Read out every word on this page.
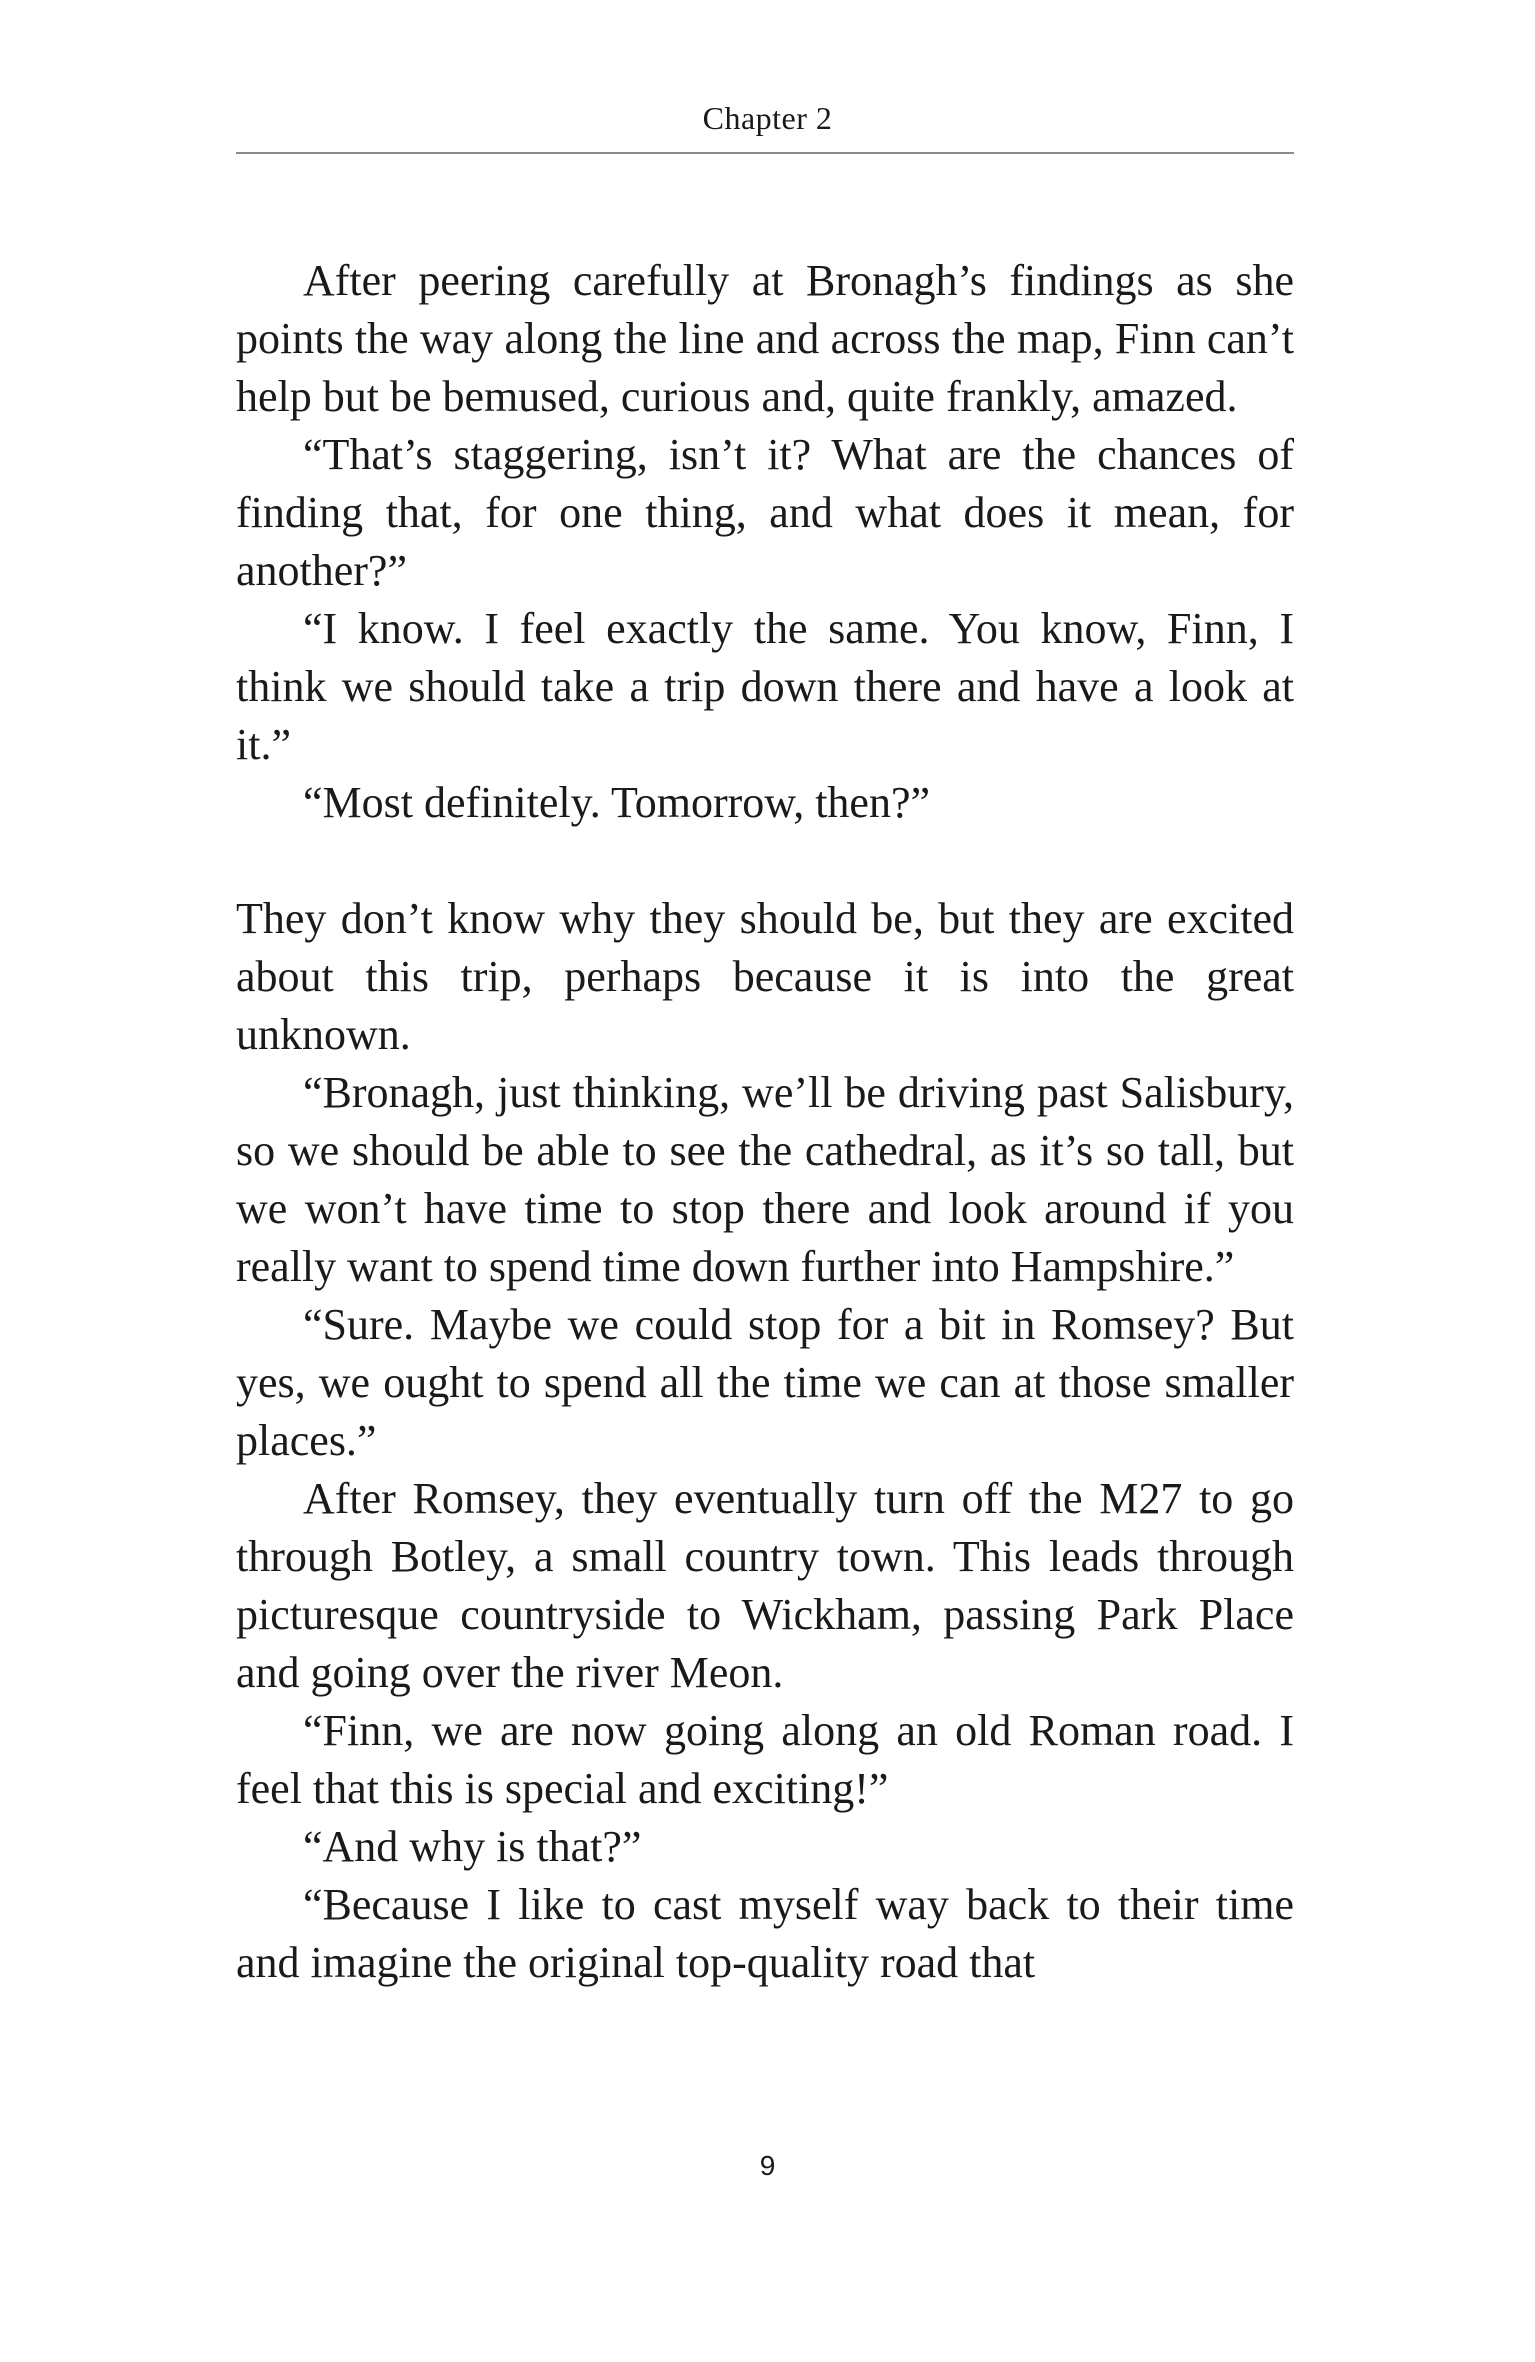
Chapter 2

After peering carefully at Bronagh’s findings as she points the way along the line and across the map, Finn can’t help but be bemused, curious and, quite frankly, amazed.

“That’s staggering, isn’t it? What are the chances of finding that, for one thing, and what does it mean, for another?”

“I know. I feel exactly the same. You know, Finn, I think we should take a trip down there and have a look at it.”

“Most definitely. Tomorrow, then?”

They don’t know why they should be, but they are excited about this trip, perhaps because it is into the great unknown.

“Bronagh, just thinking, we’ll be driving past Salisbury, so we should be able to see the cathedral, as it’s so tall, but we won’t have time to stop there and look around if you really want to spend time down further into Hampshire.”

“Sure. Maybe we could stop for a bit in Romsey? But yes, we ought to spend all the time we can at those smaller places.”

After Romsey, they eventually turn off the M27 to go through Botley, a small country town. This leads through picturesque countryside to Wickham, passing Park Place and going over the river Meon.

“Finn, we are now going along an old Roman road. I feel that this is special and exciting!”

“And why is that?”

“Because I like to cast myself way back to their time and imagine the original top-quality road that

9
